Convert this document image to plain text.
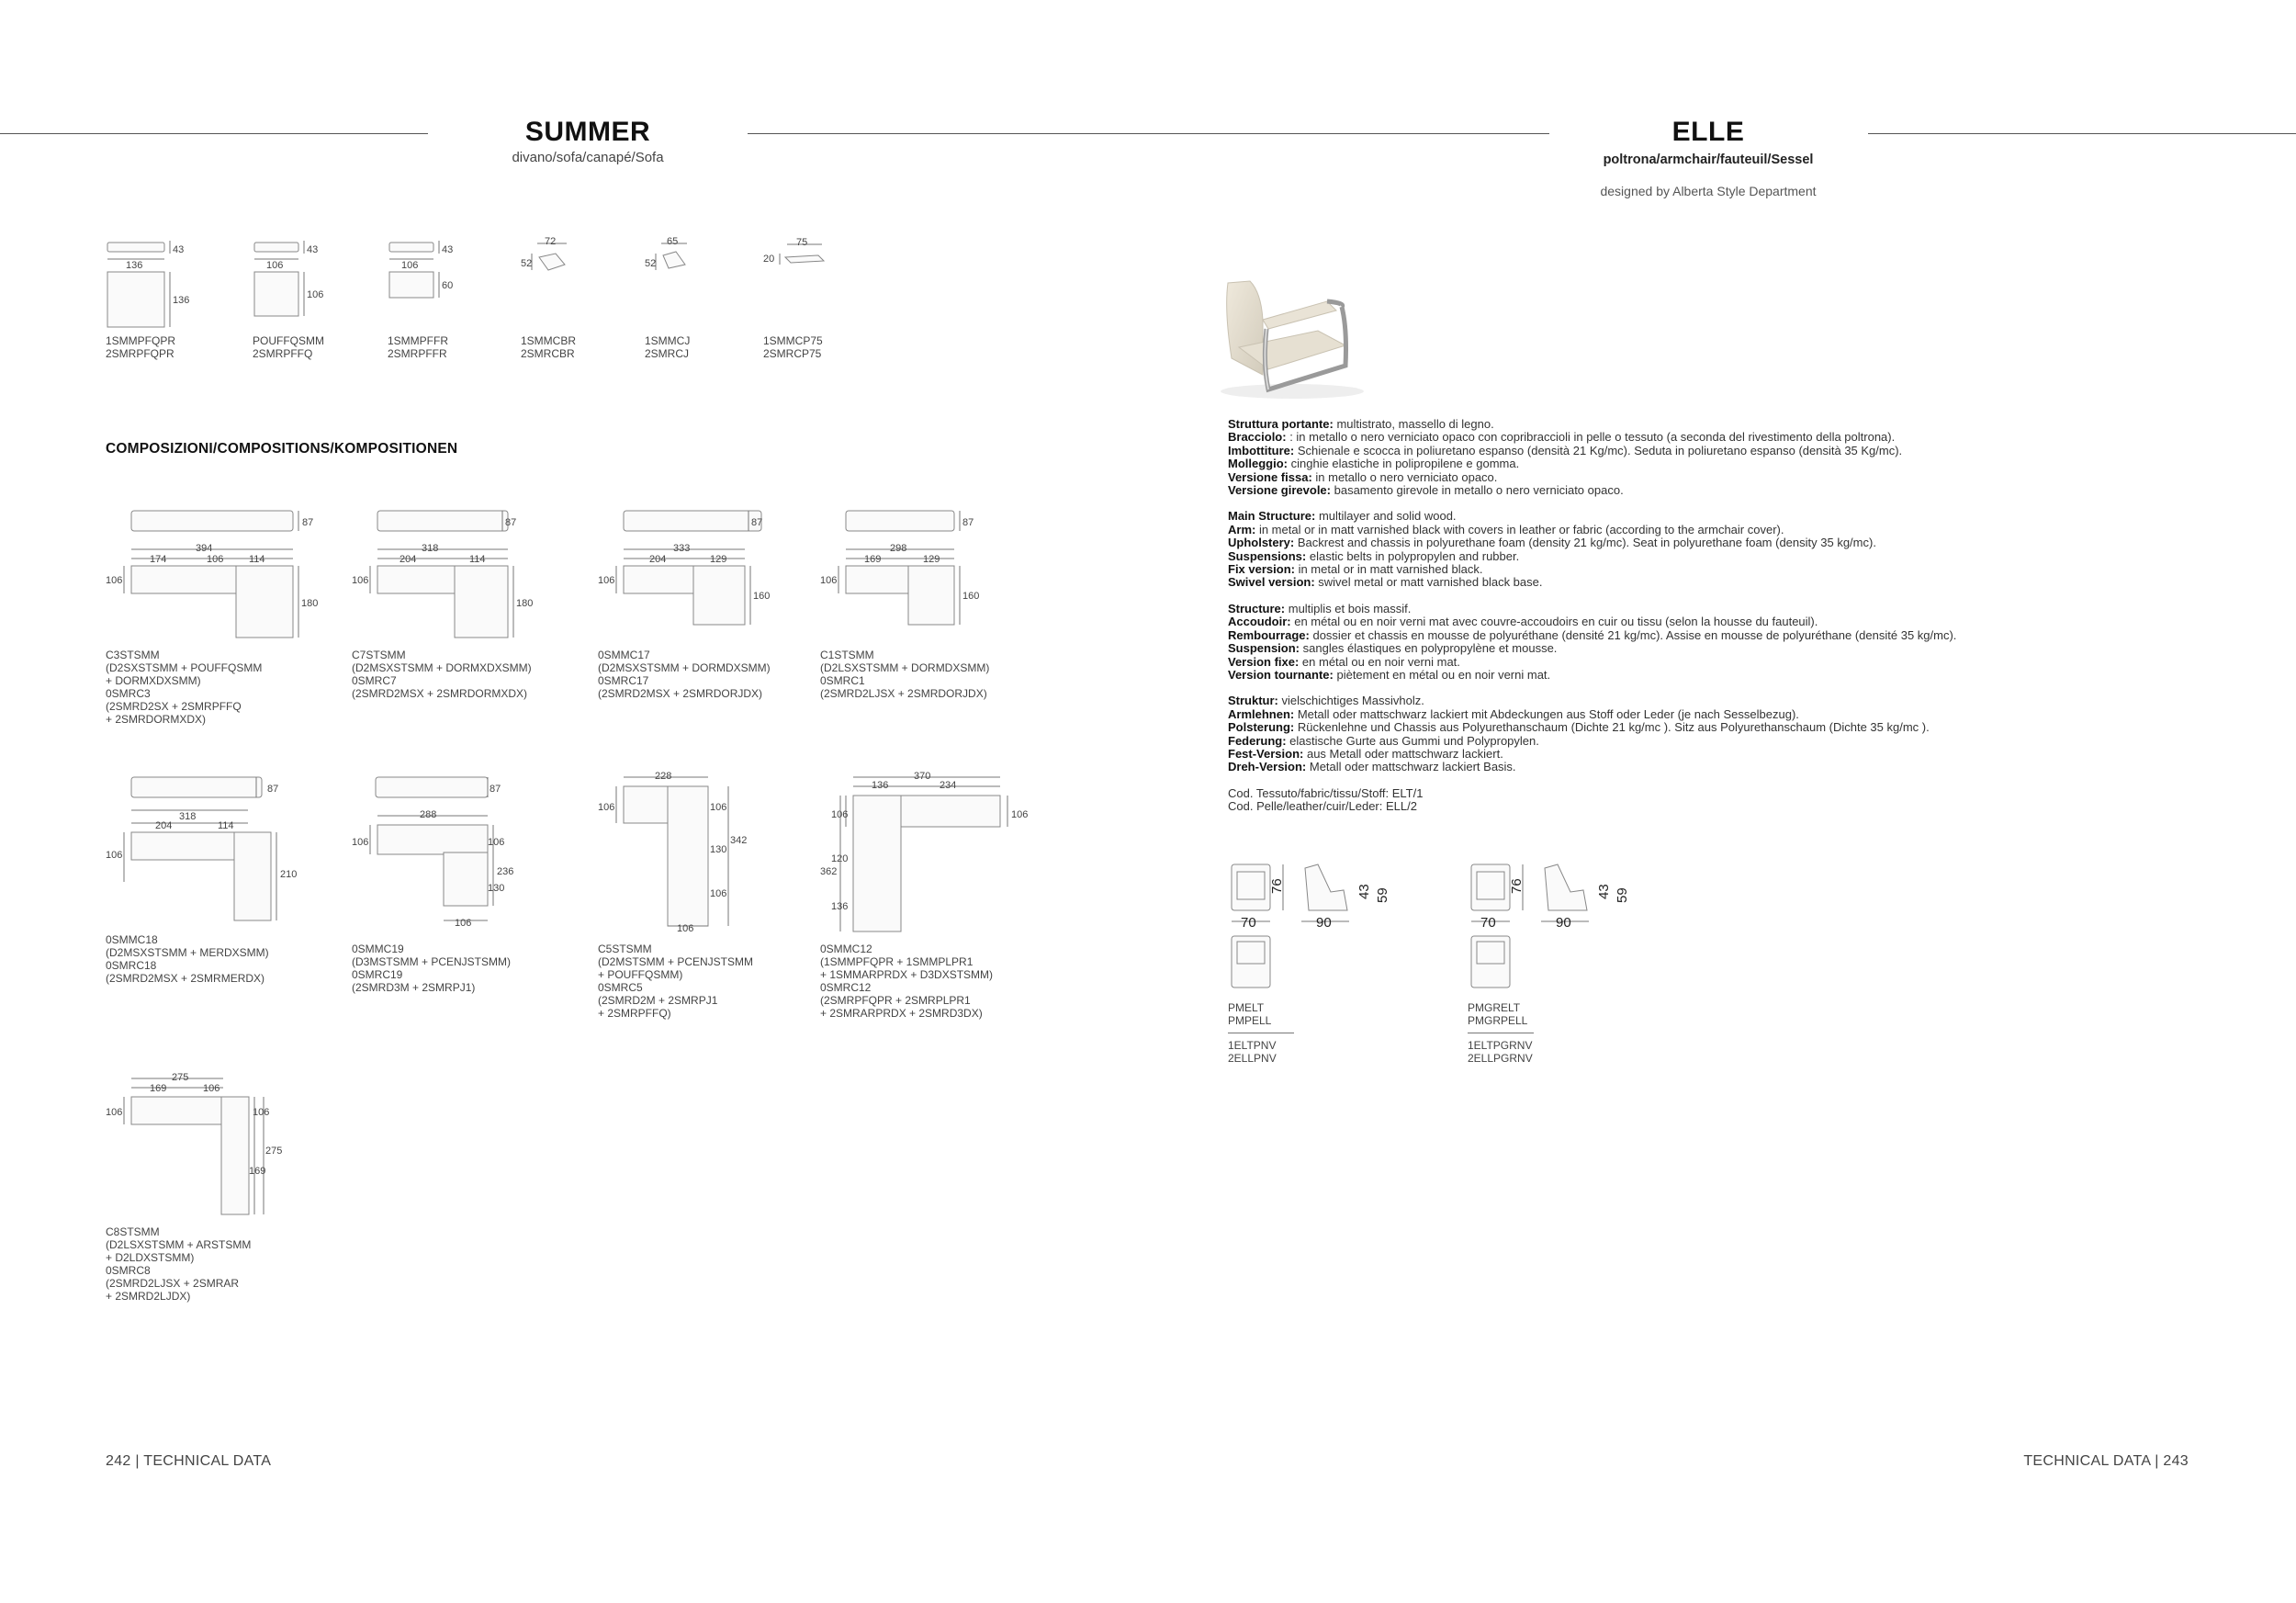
SUMMER
divano/sofa/canapé/Sofa
ELLE
poltrona/armchair/fauteuil/Sessel
designed by Alberta Style Department
43
136
136
1SMMPFQPR
2SMRPFQPR
43
106
106
POUFFQSMM
2SMRPFFQ
43
106
60
1SMMPFFR
2SMRPFFR
72
52
1SMMCBR
2SMRCBR
65
52
1SMMCJ
2SMRCJ
75
20
1SMMCP75
2SMRCP75
COMPOSIZIONI/COMPOSITIONS/KOMPOSITIONEN
87
394
174	106	114
106
180
C3STSMM
(D2SXSTSMM + POUFFQSMM
+ DORMXDXSMM)
0SMRC3
(2SMRD2SX + 2SMRPFFQ
+ 2SMRDORMXDX)
87
318
204	114
106
180
C7STSMM
(D2MSXSTSMM + DORMXDXSMM)
0SMRC7
(2SMRD2MSX + 2SMRDORMXDX)
87
333
204	129
106
160
0SMMC17
(D2MSXSTSMM + DORMDXSMM)
0SMRC17
(2SMRD2MSX + 2SMRDORJDX)
87
298
169	129
106
160
C1STSMM
(D2LSXSTSMM + DORMDXSMM)
0SMRC1
(2SMRD2LJSX + 2SMRDORJDX)
87
318
204	114
106
210
0SMMC18
(D2MSXSTSMM + MERDXSMM)
0SMRC18
(2SMRD2MSX + 2SMRMERDX)
87
288
106
236
106
130
106
0SMMC19
(D3MSTSMM + PCENJSTSMM)
0SMRC19
(2SMRD3M + 2SMRPJ1)
228
106	106
342
130
106
106
C5STSMM
(D2MSTSMM + PCENJSTSMM
+ POUFFQSMM)
0SMRC5
(2SMRD2M + 2SMRPJ1
+ 2SMRPFFQ)
370
136	234
106	106
120
362
136
0SMMC12
(1SMMPFQPR + 1SMMPLPR1
+ 1SMMARPRDX + D3DXSTSMM)
0SMRC12
(2SMRPFQPR + 2SMRPLPR1
+ 2SMRARPRDX + 2SMRD3DX)
275
169	106
106	106
275
169
C8STSMM
(D2LSXSTSMM + ARSTSMM
+ D2LDXSTSMM)
0SMRC8
(2SMRD2LJSX + 2SMRAR
+ 2SMRD2LJDX)
Struttura portante: multistrato, massello di legno.
Bracciolo: : in metallo o nero verniciato opaco con copribraccioli in pelle o tessuto (a seconda del rivestimento della poltrona).
Imbottiture: Schienale e scocca in poliuretano espanso (densità 21 Kg/mc). Seduta in poliuretano espanso (densità 35 Kg/mc).
Molleggio: cinghie elastiche in polipropilene e gomma.
Versione fissa: in metallo o nero verniciato opaco.
Versione girevole: basamento girevole in metallo o nero verniciato opaco.
Main Structure: multilayer and solid wood.
Arm: in metal or in matt varnished black with covers in leather or fabric (according to the armchair cover).
Upholstery: Backrest and chassis in polyurethane foam (density 21 kg/mc). Seat in polyurethane foam (density 35 kg/mc).
Suspensions: elastic belts in polypropylen and rubber.
Fix version: in metal or in matt varnished black.
Swivel version: swivel metal or matt varnished black base.
Structure: multiplis et bois massif.
Accoudoir: en métal ou en noir verni mat avec couvre-accoudoirs en cuir ou tissu (selon la housse du fauteuil).
Rembourrage: dossier et chassis en mousse de polyuréthane (densité 21 kg/mc). Assise en mousse de polyuréthane (densité 35 kg/mc).
Suspension: sangles élastiques en polypropylène et mousse.
Version fixe: en métal ou en noir verni mat.
Version tournante: piètement en métal ou en noir verni mat.
Struktur: vielschichtiges Massivholz.
Armlehnen: Metall oder mattschwarz lackiert mit Abdeckungen aus Stoff oder Leder (je nach Sesselbezug).
Polsterung: Rückenlehne und Chassis aus Polyurethanschaum (Dichte 21 kg/mc ). Sitz aus Polyurethanschaum (Dichte 35 kg/mc ).
Federung: elastische Gurte aus Gummi und Polypropylen.
Fest-Version: aus Metall oder mattschwarz lackiert.
Dreh-Version: Metall oder mattschwarz lackiert Basis.
Cod. Tessuto/fabric/tissu/Stoff: ELT/1
Cod. Pelle/leather/cuir/Leder: ELL/2
76
70	90
43 59
PMELT
PMPELL
1ELTPNV
2ELLPNV
76
70	90
43 59
PMGRELT
PMGRPELL
1ELTPGRNV
2ELLPGRNV
242 | TECHNICAL DATA	TECHNICAL DATA | 243
